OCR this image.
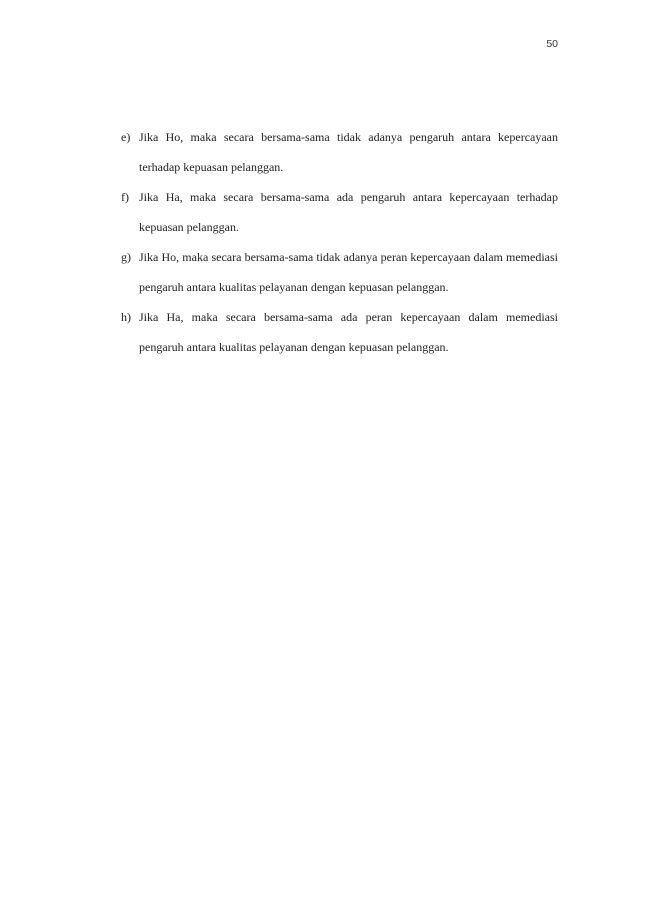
50
e) Jika Ho, maka secara bersama-sama tidak adanya pengaruh antara kepercayaan terhadap kepuasan pelanggan.
f) Jika Ha, maka secara bersama-sama ada pengaruh antara kepercayaan terhadap kepuasan pelanggan.
g) Jika Ho, maka secara bersama-sama tidak adanya peran kepercayaan dalam memediasi pengaruh antara kualitas pelayanan dengan kepuasan pelanggan.
h) Jika Ha, maka secara bersama-sama ada peran kepercayaan dalam memediasi pengaruh antara kualitas pelayanan dengan kepuasan pelanggan.
